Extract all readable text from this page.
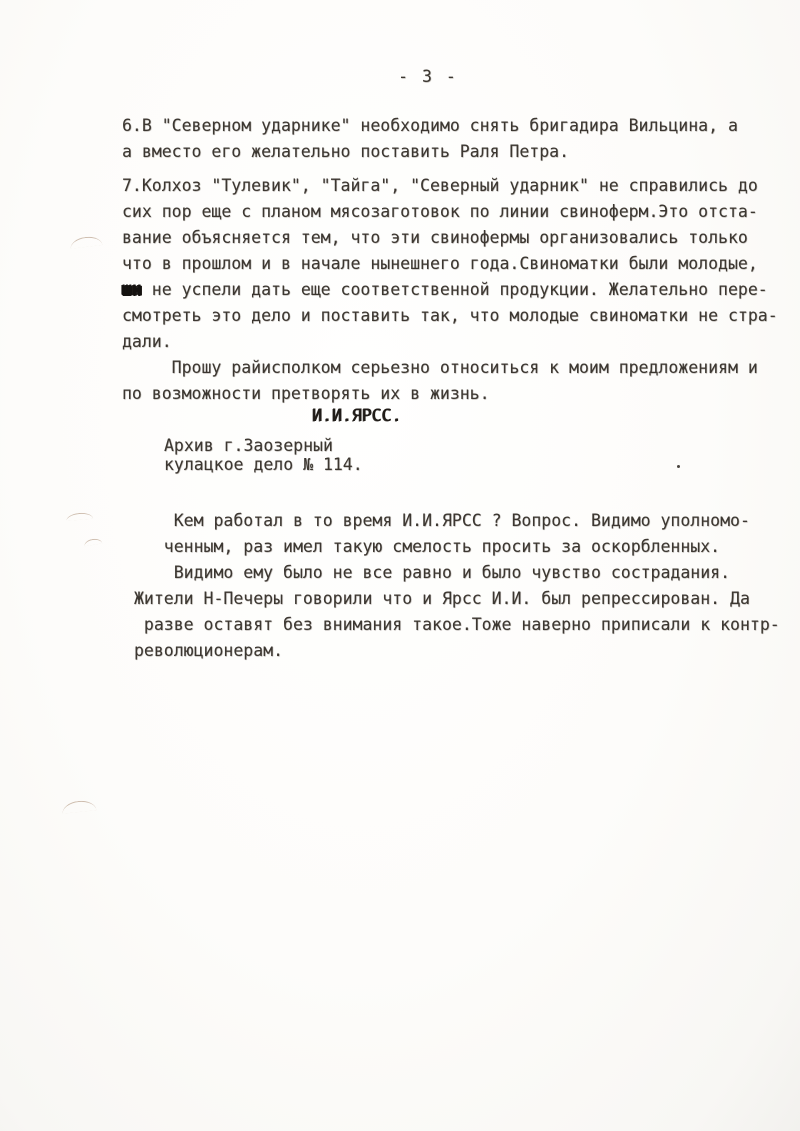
- 3 -
6.В "Северном ударнике" необходимо снять бригадира Вильцина, а
а вместо его желательно поставить Раля Петра.
7.Колхоз "Тулевик", "Тайга", "Северный ударник" не справились до
сих пор еще с планом мясозаготовок по линии свиноферм.Это отста-
вание объясняется тем, что эти свинофермы организовались только
что в прошлом и в начале нынешнего года.Свиноматки были молодые,
шн не успели дать еще соответственной продукции. Желательно пере-
смотреть это дело и поставить так, что молодые свиноматки не стра-
дали.
Прошу райисполком серьезно относиться к моим предложениям и
по возможности претворять их в жизнь.
И.И.ЯРСС.
Архив г.Заозерный
кулацкое дело № 114.
Кем работал в то время И.И.ЯРСС ? Вопрос. Видимо уполномо-
ченным, раз имел такую смелость просить за оскорбленных.
Видимо ему было не все равно и было чувство сострадания.
Жители Н-Печеры говорили что и Ярсс И.И. был репрессирован. Да
разве оставят без внимания такое.Тоже наверно приписали к контр-
революционерам.
